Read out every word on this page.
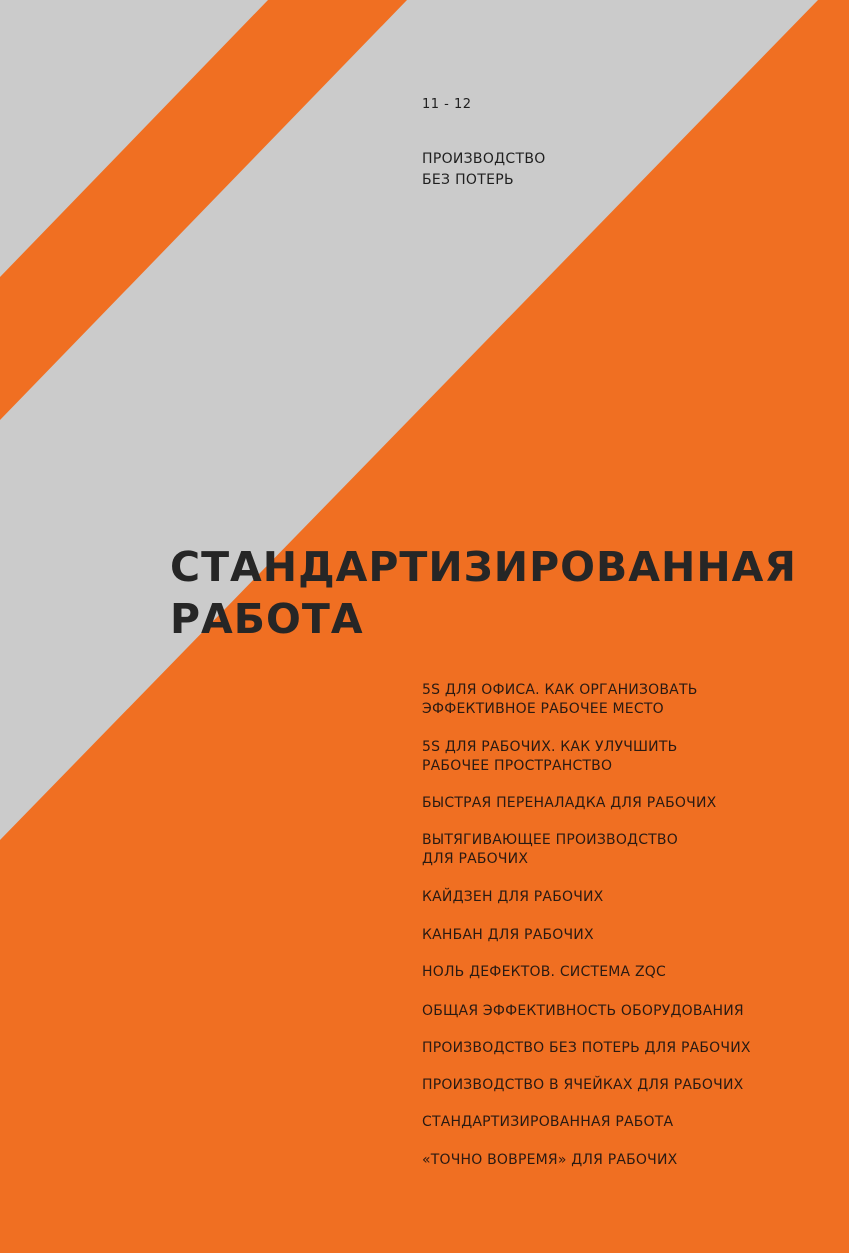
11 - 12
ПРОИЗВОДСТВО
БЕЗ ПОТЕРЬ
СТАНДАРТИЗИРОВАННАЯ
РАБОТА
5S ДЛЯ ОФИСА. КАК ОРГАНИЗОВАТЬ
ЭФФЕКТИВНОЕ РАБОЧЕЕ МЕСТО
5S ДЛЯ РАБОЧИХ. КАК УЛУЧШИТЬ
РАБОЧЕЕ ПРОСТРАНСТВО
БЫСТРАЯ ПЕРЕНАЛАДКА ДЛЯ РАБОЧИХ
ВЫТЯГИВАЮЩЕЕ ПРОИЗВОДСТВО
ДЛЯ РАБОЧИХ
КАЙДЗЕН ДЛЯ РАБОЧИХ
КАНБАН ДЛЯ РАБОЧИХ
НОЛЬ ДЕФЕКТОВ. СИСТЕМА ZQC
ОБЩАЯ ЭФФЕКТИВНОСТЬ ОБОРУДОВАНИЯ
ПРОИЗВОДСТВО БЕЗ ПОТЕРЬ ДЛЯ РАБОЧИХ
ПРОИЗВОДСТВО В ЯЧЕЙКАХ ДЛЯ РАБОЧИХ
СТАНДАРТИЗИРОВАННАЯ РАБОТА
«ТОЧНО ВОВРЕМЯ» ДЛЯ РАБОЧИХ
